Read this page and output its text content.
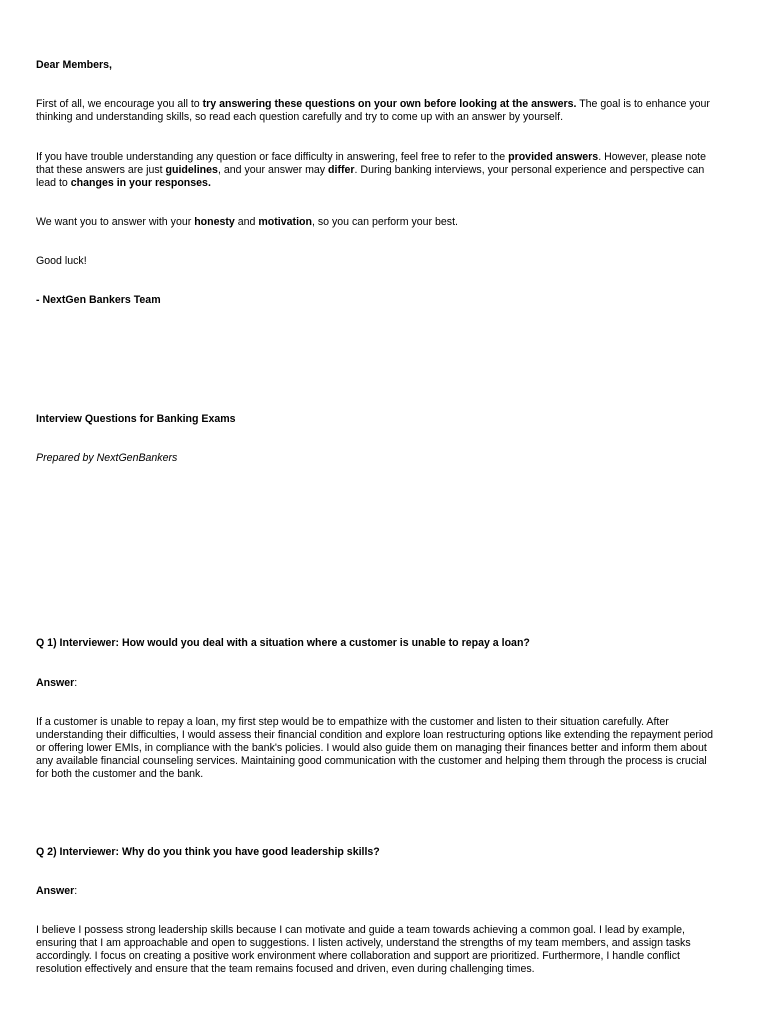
Dear Members,

First of all, we encourage you all to try answering these questions on your own before looking at the answers. The goal is to enhance your thinking and understanding skills, so read each question carefully and try to come up with an answer by yourself.

If you have trouble understanding any question or face difficulty in answering, feel free to refer to the provided answers. However, please note that these answers are just guidelines, and your answer may differ. During banking interviews, your personal experience and perspective can lead to changes in your responses.

We want you to answer with your honesty and motivation, so you can perform your best.

Good luck!

- NextGen Bankers Team

Interview Questions for Banking Exams

Prepared by NextGenBankers

Q 1) Interviewer: How would you deal with a situation where a customer is unable to repay a loan?

Answer:

If a customer is unable to repay a loan, my first step would be to empathize with the customer and listen to their situation carefully. After understanding their difficulties, I would assess their financial condition and explore loan restructuring options like extending the repayment period or offering lower EMIs, in compliance with the bank's policies. I would also guide them on managing their finances better and inform them about any available financial counseling services. Maintaining good communication with the customer and helping them through the process is crucial for both the customer and the bank.

Q 2) Interviewer: Why do you think you have good leadership skills?

Answer:

I believe I possess strong leadership skills because I can motivate and guide a team towards achieving a common goal. I lead by example, ensuring that I am approachable and open to suggestions. I listen actively, understand the strengths of my team members, and assign tasks accordingly. I focus on creating a positive work environment where collaboration and support are prioritized. Furthermore, I handle conflict resolution effectively and ensure that the team remains focused and driven, even during challenging times.
